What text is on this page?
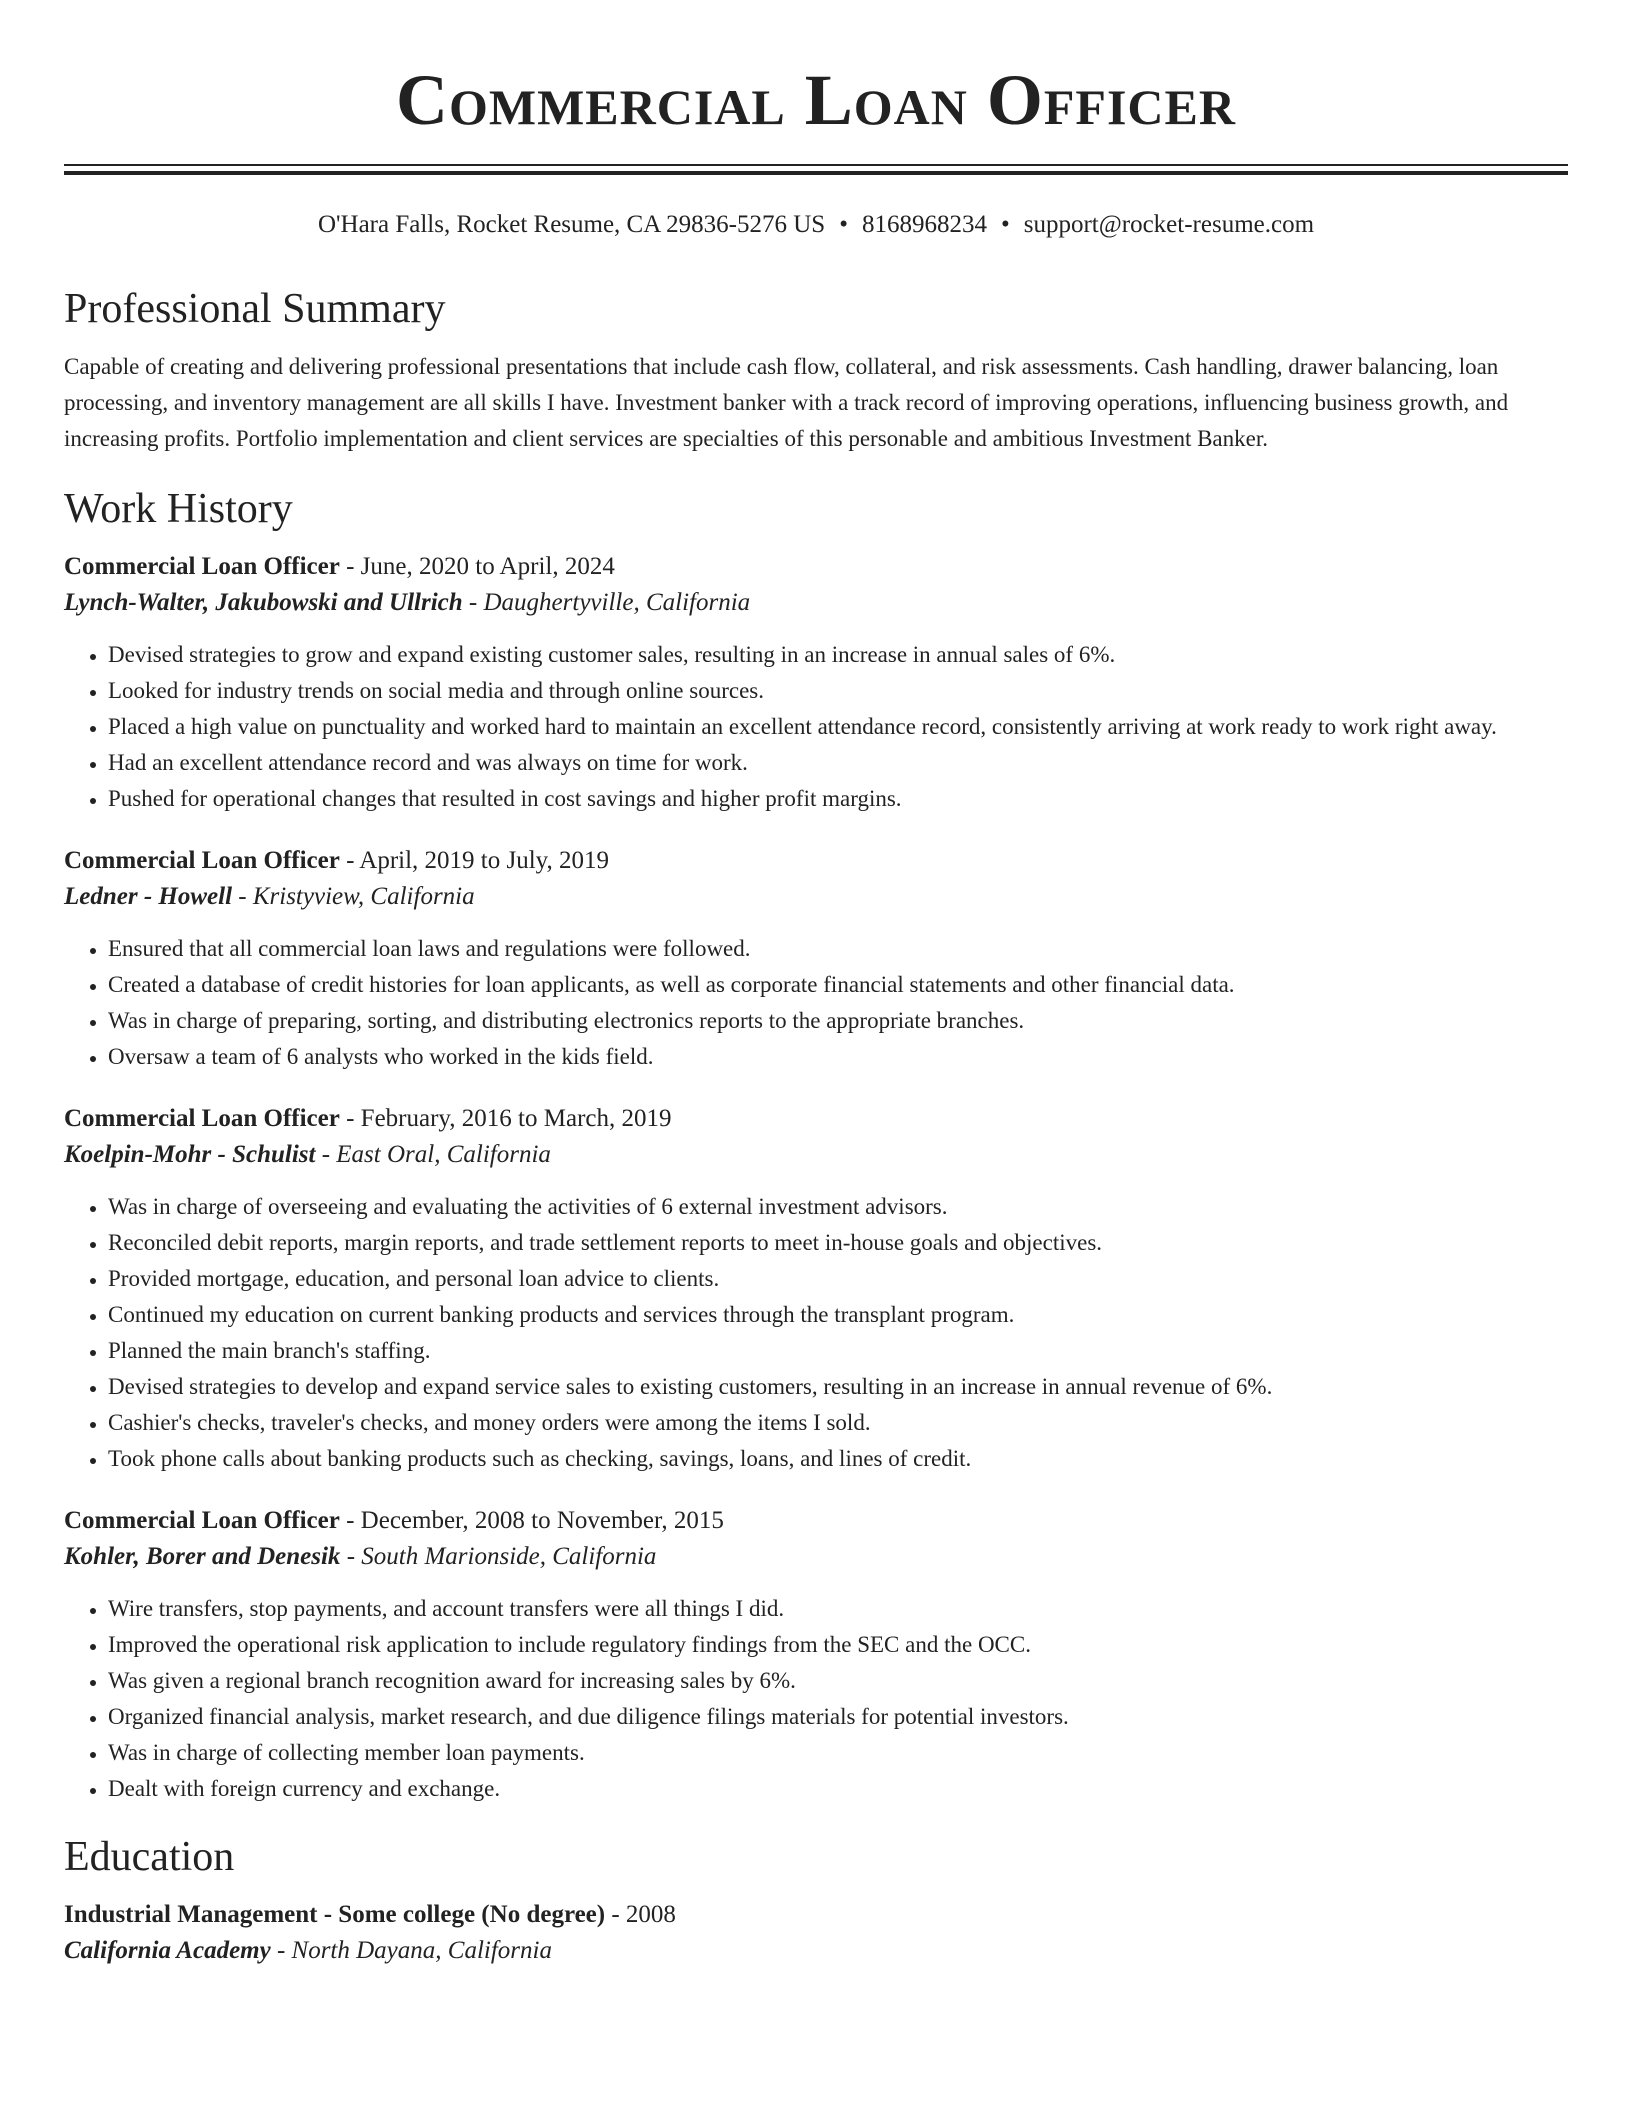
Commercial Loan Officer
O'Hara Falls, Rocket Resume, CA 29836-5276 US • 8168968234 • support@rocket-resume.com
Professional Summary
Capable of creating and delivering professional presentations that include cash flow, collateral, and risk assessments. Cash handling, drawer balancing, loan processing, and inventory management are all skills I have. Investment banker with a track record of improving operations, influencing business growth, and increasing profits. Portfolio implementation and client services are specialties of this personable and ambitious Investment Banker.
Work History
Commercial Loan Officer - June, 2020 to April, 2024
Lynch-Walter, Jakubowski and Ullrich - Daughertyville, California
• Devised strategies to grow and expand existing customer sales, resulting in an increase in annual sales of 6%.
• Looked for industry trends on social media and through online sources.
• Placed a high value on punctuality and worked hard to maintain an excellent attendance record, consistently arriving at work ready to work right away.
• Had an excellent attendance record and was always on time for work.
• Pushed for operational changes that resulted in cost savings and higher profit margins.
Commercial Loan Officer - April, 2019 to July, 2019
Ledner - Howell - Kristyview, California
• Ensured that all commercial loan laws and regulations were followed.
• Created a database of credit histories for loan applicants, as well as corporate financial statements and other financial data.
• Was in charge of preparing, sorting, and distributing electronics reports to the appropriate branches.
• Oversaw a team of 6 analysts who worked in the kids field.
Commercial Loan Officer - February, 2016 to March, 2019
Koelpin-Mohr - Schulist - East Oral, California
• Was in charge of overseeing and evaluating the activities of 6 external investment advisors.
• Reconciled debit reports, margin reports, and trade settlement reports to meet in-house goals and objectives.
• Provided mortgage, education, and personal loan advice to clients.
• Continued my education on current banking products and services through the transplant program.
• Planned the main branch's staffing.
• Devised strategies to develop and expand service sales to existing customers, resulting in an increase in annual revenue of 6%.
• Cashier's checks, traveler's checks, and money orders were among the items I sold.
• Took phone calls about banking products such as checking, savings, loans, and lines of credit.
Commercial Loan Officer - December, 2008 to November, 2015
Kohler, Borer and Denesik - South Marionside, California
• Wire transfers, stop payments, and account transfers were all things I did.
• Improved the operational risk application to include regulatory findings from the SEC and the OCC.
• Was given a regional branch recognition award for increasing sales by 6%.
• Organized financial analysis, market research, and due diligence filings materials for potential investors.
• Was in charge of collecting member loan payments.
• Dealt with foreign currency and exchange.
Education
Industrial Management - Some college (No degree) - 2008
California Academy - North Dayana, California
